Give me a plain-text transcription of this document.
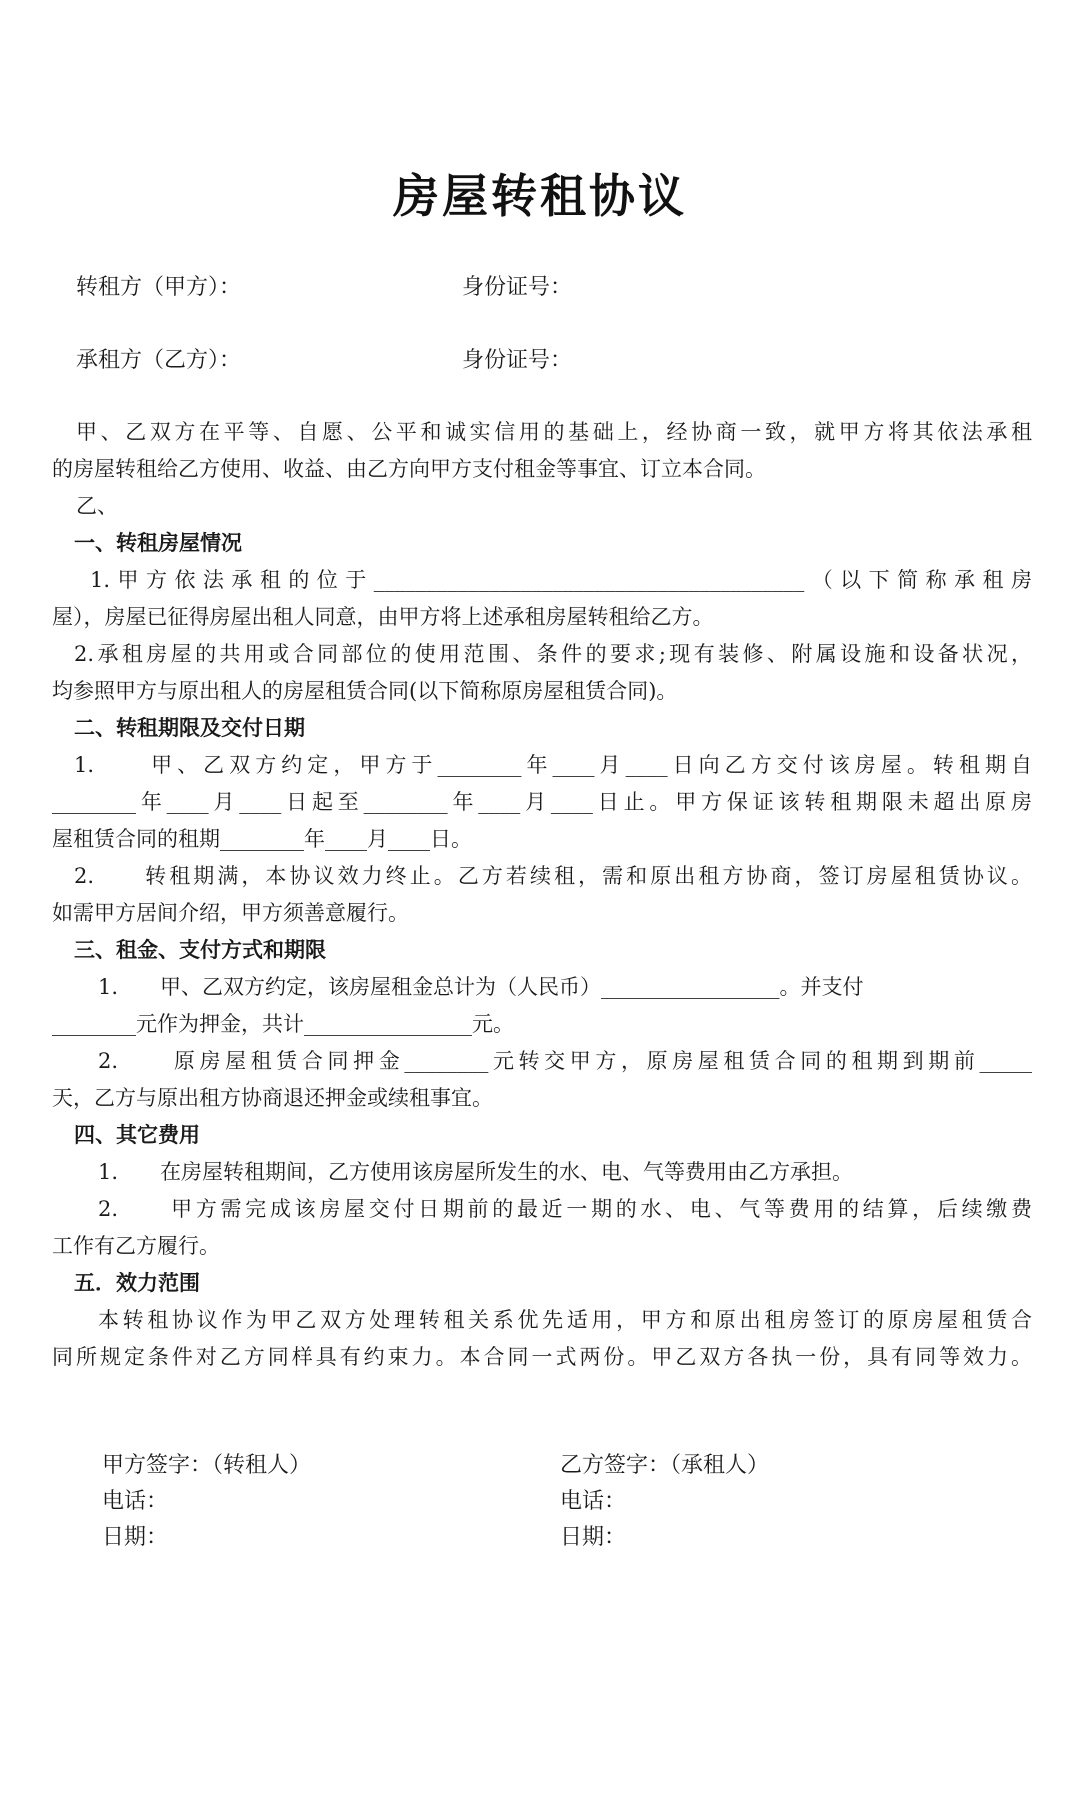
房屋转租协议
转租方（甲方）：	身份证号：
承租方（乙方）：	身份证号：
甲、乙双方在平等、自愿、公平和诚实信用的基础上，经协商一致，就甲方将其依法承租
的房屋转租给乙方使用、收益、由乙方向甲方支付租金等事宜、订立本合同。
乙、
一、转租房屋情况
1.甲方依法承租的位于_________________________________________（以下简称承租房
屋），房屋已征得房屋出租人同意，由甲方将上述承租房屋转租给乙方。
2.承租房屋的共用或合同部位的使用范围、条件的要求;现有装修、附属设施和设备状况，
均参照甲方与原出租人的房屋租赁合同(以下简称原房屋租赁合同)。
二、转租期限及交付日期
1.　　甲、乙双方约定，甲方于________年____月____日向乙方交付该房屋。转租期自
________年____月____日起至________年____月____日止。甲方保证该转租期限未超出原房
屋租赁合同的租期________年____月____日。
2.　　转租期满，本协议效力终止。乙方若续租，需和原出租方协商，签订房屋租赁协议。
如需甲方居间介绍，甲方须善意履行。
三、租金、支付方式和期限
1.　　甲、乙双方约定，该房屋租金总计为（人民币）_________________。并支付
________元作为押金，共计________________元。
2.　　原房屋租赁合同押金________元转交甲方，原房屋租赁合同的租期到期前_____
天，乙方与原出租方协商退还押金或续租事宜。
四、其它费用
1.　　在房屋转租期间，乙方使用该房屋所发生的水、电、气等费用由乙方承担。
2.　　甲方需完成该房屋交付日期前的最近一期的水、电、气等费用的结算，后续缴费
工作有乙方履行。
五．效力范围
本转租协议作为甲乙双方处理转租关系优先适用，甲方和原出租房签订的原房屋租赁合
同所规定条件对乙方同样具有约束力。本合同一式两份。甲乙双方各执一份，具有同等效力。
甲方签字：（转租人）
电话：
日期：
乙方签字：（承租人）
电话：
日期：
